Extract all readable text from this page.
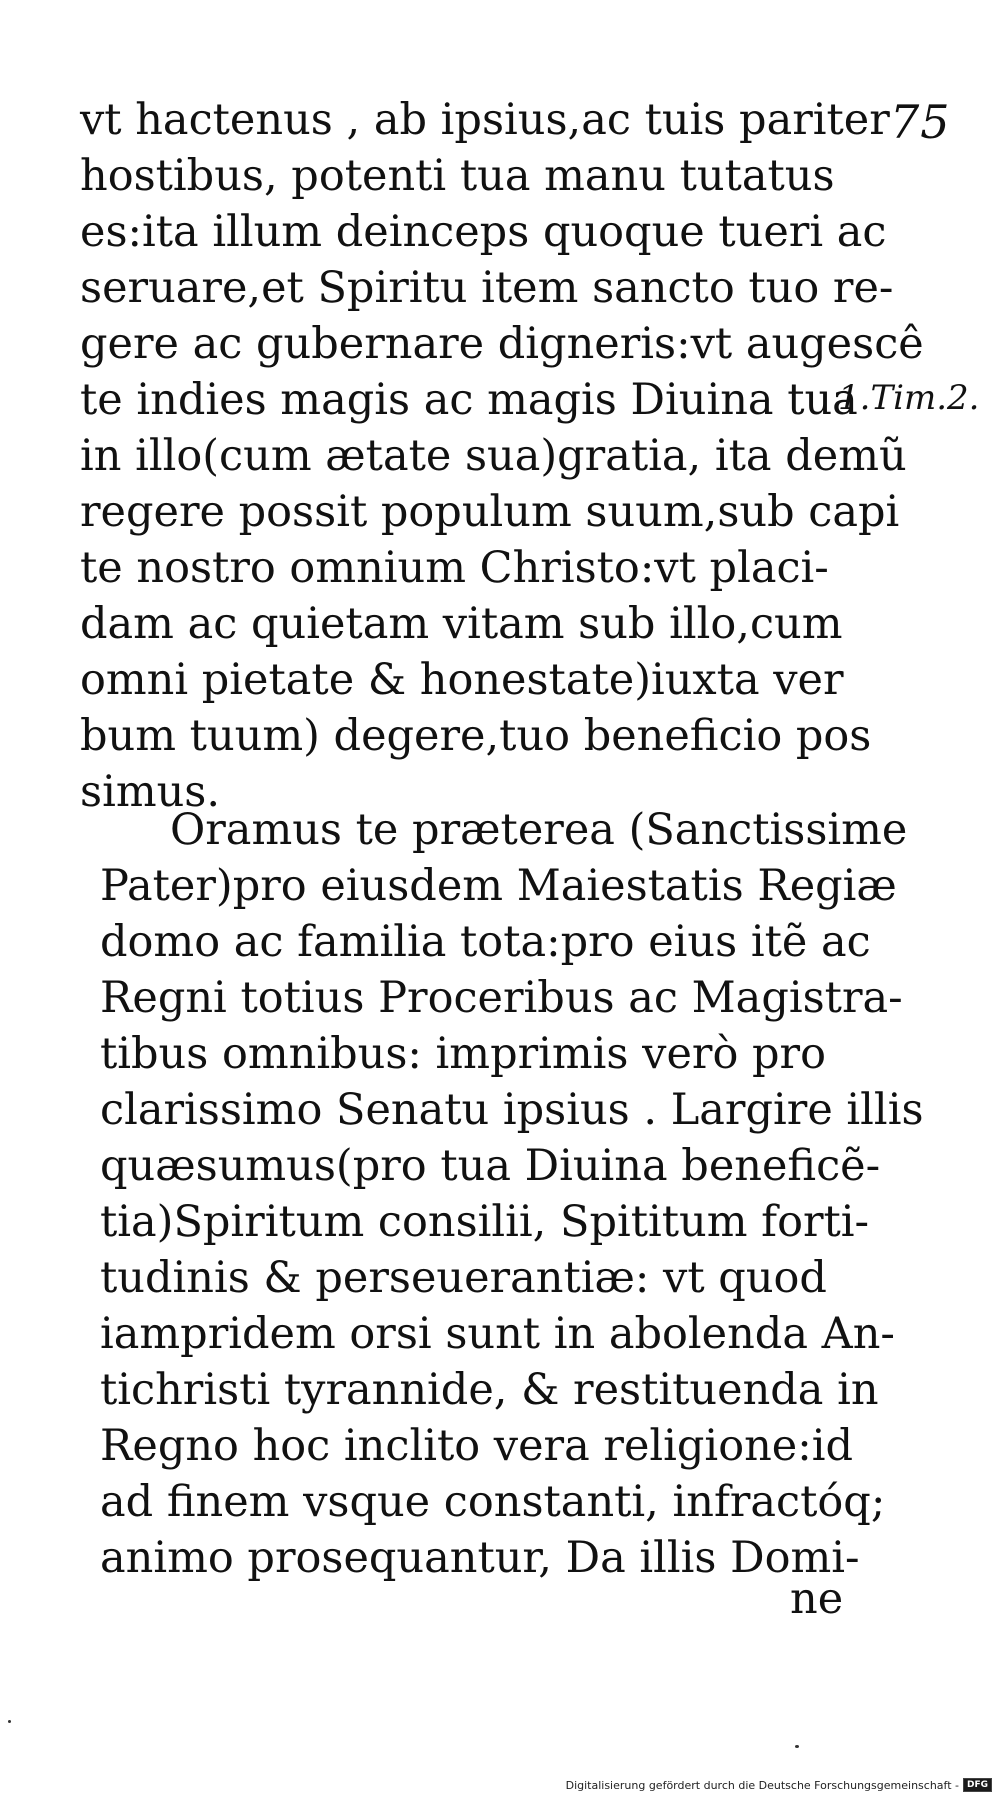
75
1.Tim.2.
vt hactenus , ab ipsius,ac tuis pariter
hostibus, potenti tua manu tutatus
es:ita illum deinceps quoque tueri ac
seruare,et Spiritu item sancto tuo re-
gere ac gubernare digneris:vt augescê
te indies magis ac magis Diuina tua
in illo(cum ætate sua)gratia, ita demũ
regere possit populum suum,sub capi
te nostro omnium Christo:vt placi-
dam ac quietam vitam sub illo,cum
omni pietate & honestate)iuxta ver
bum tuum) degere,tuo beneficio pos
simus.
Oramus te præterea (Sanctissime
Pater)pro eiusdem Maiestatis Regiæ
domo ac familia tota:pro eius itẽ ac
Regni totius Proceribus ac Magistra-
tibus omnibus: imprimis verò pro
clarissimo Senatu ipsius . Largire illis
quæsumus(pro tua Diuina beneficẽ-
tia)Spiritum consilii, Spititum forti-
tudinis & perseuerantiæ: vt quod
iampridem orsi sunt in abolenda An-
tichristi tyrannide, & restituenda in
Regno hoc inclito vera religione:id
ad finem vsque constanti, infractóq;
animo prosequantur, Da illis Domi-
ne
Digitalisierung gefördert durch die Deutsche Forschungsgemeinschaft - DFG
